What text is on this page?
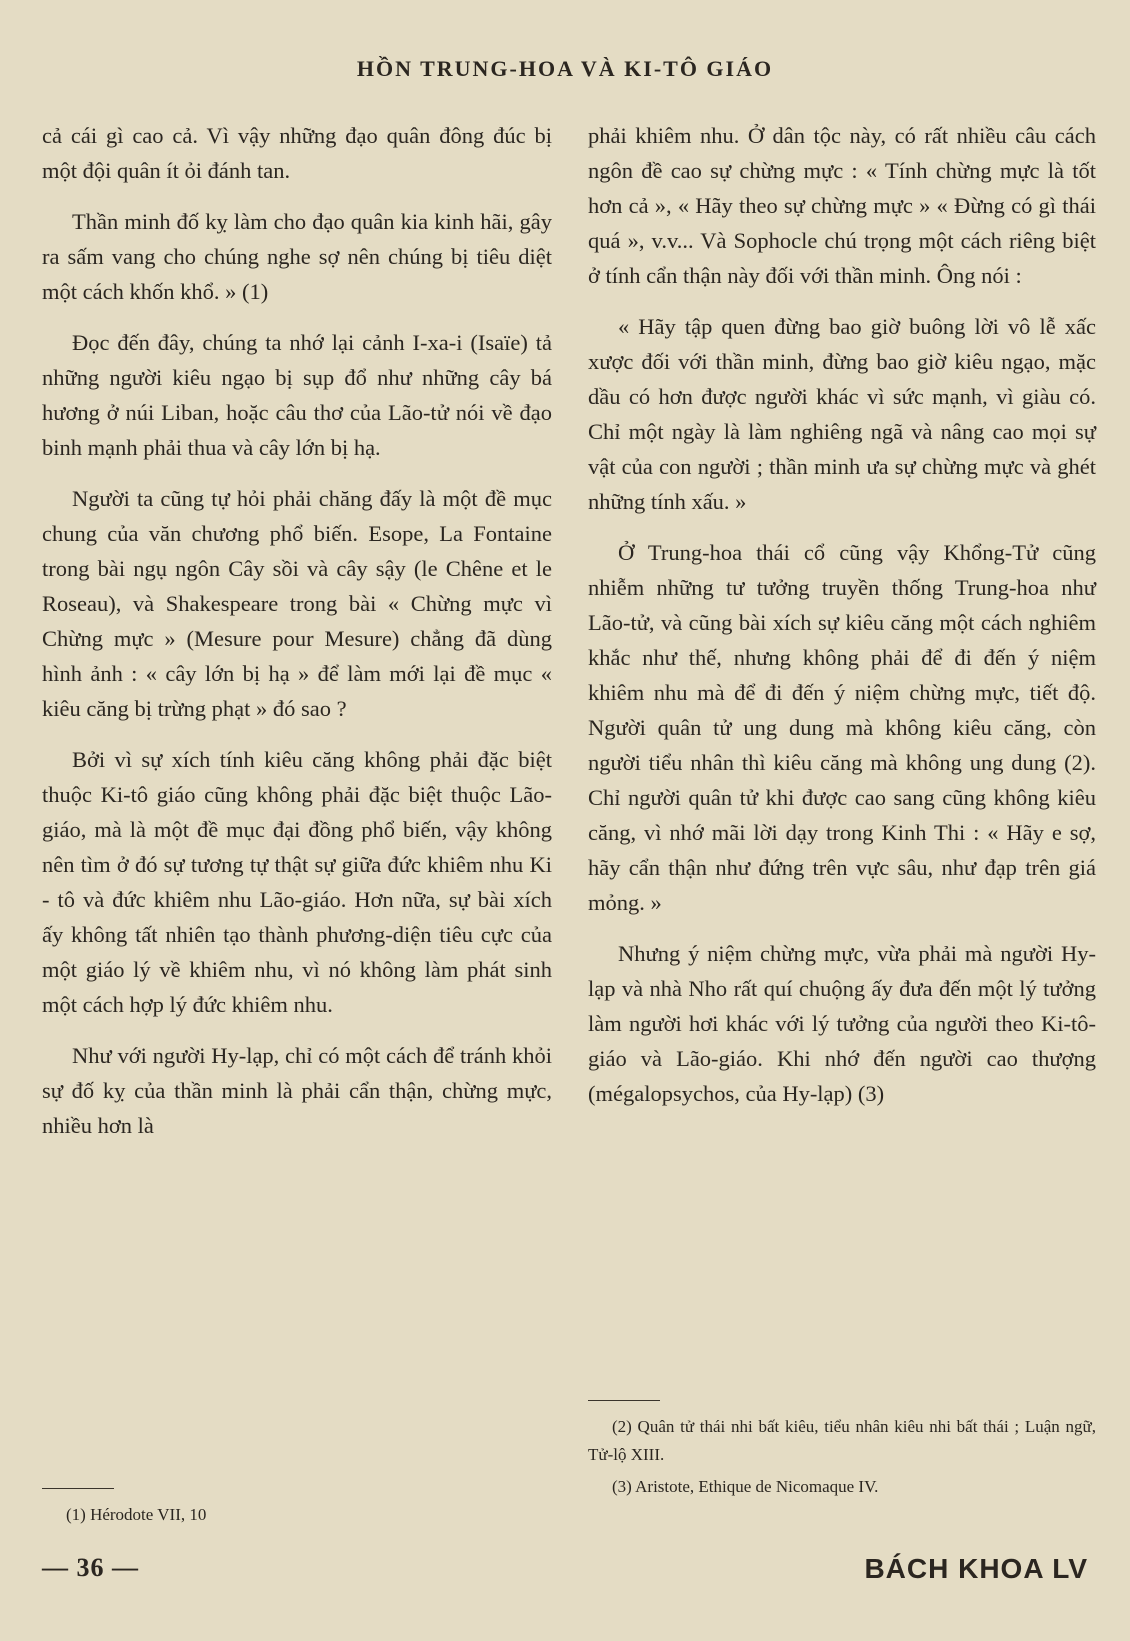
HỒN TRUNG-HOA VÀ KI-TÔ GIÁO

cả cái gì cao cả. Vì vậy những đạo quân đông đúc bị một đội quân ít ỏi đánh tan.

Thần minh đố kỵ làm cho đạo quân kia kinh hãi, gây ra sấm vang cho chúng nghe sợ nên chúng bị tiêu diệt một cách khốn khổ. » (1)

Đọc đến đây, chúng ta nhớ lại cảnh I-xa-i (Isaïe) tả những người kiêu ngạo bị sụp đổ như những cây bá hương ở núi Liban, hoặc câu thơ của Lão-tử nói về đạo binh mạnh phải thua và cây lớn bị hạ.

Người ta cũng tự hỏi phải chăng đấy là một đề mục chung của văn chương phổ biến. Esope, La Fontaine trong bài ngụ ngôn Cây sồi và cây sậy (le Chêne et le Roseau), và Shakespeare trong bài « Chừng mực vì Chừng mực » (Mesure pour Mesure) chẳng đã dùng hình ảnh : « cây lớn bị hạ » để làm mới lại đề mục « kiêu căng bị trừng phạt » đó sao ?

Bởi vì sự xích tính kiêu căng không phải đặc biệt thuộc Ki-tô giáo cũng không phải đặc biệt thuộc Lão-giáo, mà là một đề mục đại đồng phổ biến, vậy không nên tìm ở đó sự tương tự thật sự giữa đức khiêm nhu Ki - tô và đức khiêm nhu Lão-giáo. Hơn nữa, sự bài xích ấy không tất nhiên tạo thành phương-diện tiêu cực của một giáo lý về khiêm nhu, vì nó không làm phát sinh một cách hợp lý đức khiêm nhu.

Như với người Hy-lạp, chỉ có một cách để tránh khỏi sự đố kỵ của thần minh là phải cẩn thận, chừng mực, nhiều hơn là

(1) Hérodote VII, 10

phải khiêm nhu. Ở dân tộc này, có rất nhiều câu cách ngôn đề cao sự chừng mực : « Tính chừng mực là tốt hơn cả », « Hãy theo sự chừng mực » « Đừng có gì thái quá », v.v... Và Sophocle chú trọng một cách riêng biệt ở tính cẩn thận này đối với thần minh. Ông nói :

« Hãy tập quen đừng bao giờ buông lời vô lễ xấc xược đối với thần minh, đừng bao giờ kiêu ngạo, mặc dầu có hơn được người khác vì sức mạnh, vì giàu có. Chỉ một ngày là làm nghiêng ngã và nâng cao mọi sự vật của con người ; thần minh ưa sự chừng mực và ghét những tính xấu. »

Ở Trung-hoa thái cổ cũng vậy Khổng-Tử cũng nhiễm những tư tưởng truyền thống Trung-hoa như Lão-tử, và cũng bài xích sự kiêu căng một cách nghiêm khắc như thế, nhưng không phải để đi đến ý niệm khiêm nhu mà để đi đến ý niệm chừng mực, tiết độ. Người quân tử ung dung mà không kiêu căng, còn người tiểu nhân thì kiêu căng mà không ung dung (2). Chỉ người quân tử khi được cao sang cũng không kiêu căng, vì nhớ mãi lời dạy trong Kinh Thi : « Hãy e sợ, hãy cẩn thận như đứng trên vực sâu, như đạp trên giá mỏng. »

Nhưng ý niệm chừng mực, vừa phải mà người Hy-lạp và nhà Nho rất quí chuộng ấy đưa đến một lý tưởng làm người hơi khác với lý tưởng của người theo Ki-tô-giáo và Lão-giáo. Khi nhớ đến người cao thượng (mégalopsychos, của Hy-lạp) (3)

(2) Quân tử thái nhi bất kiêu, tiểu nhân kiêu nhi bất thái ; Luận ngữ, Tử-lộ XIII.

(3) Aristote, Ethique de Nicomaque IV.

— 36 —	BÁCH KHOA LV
